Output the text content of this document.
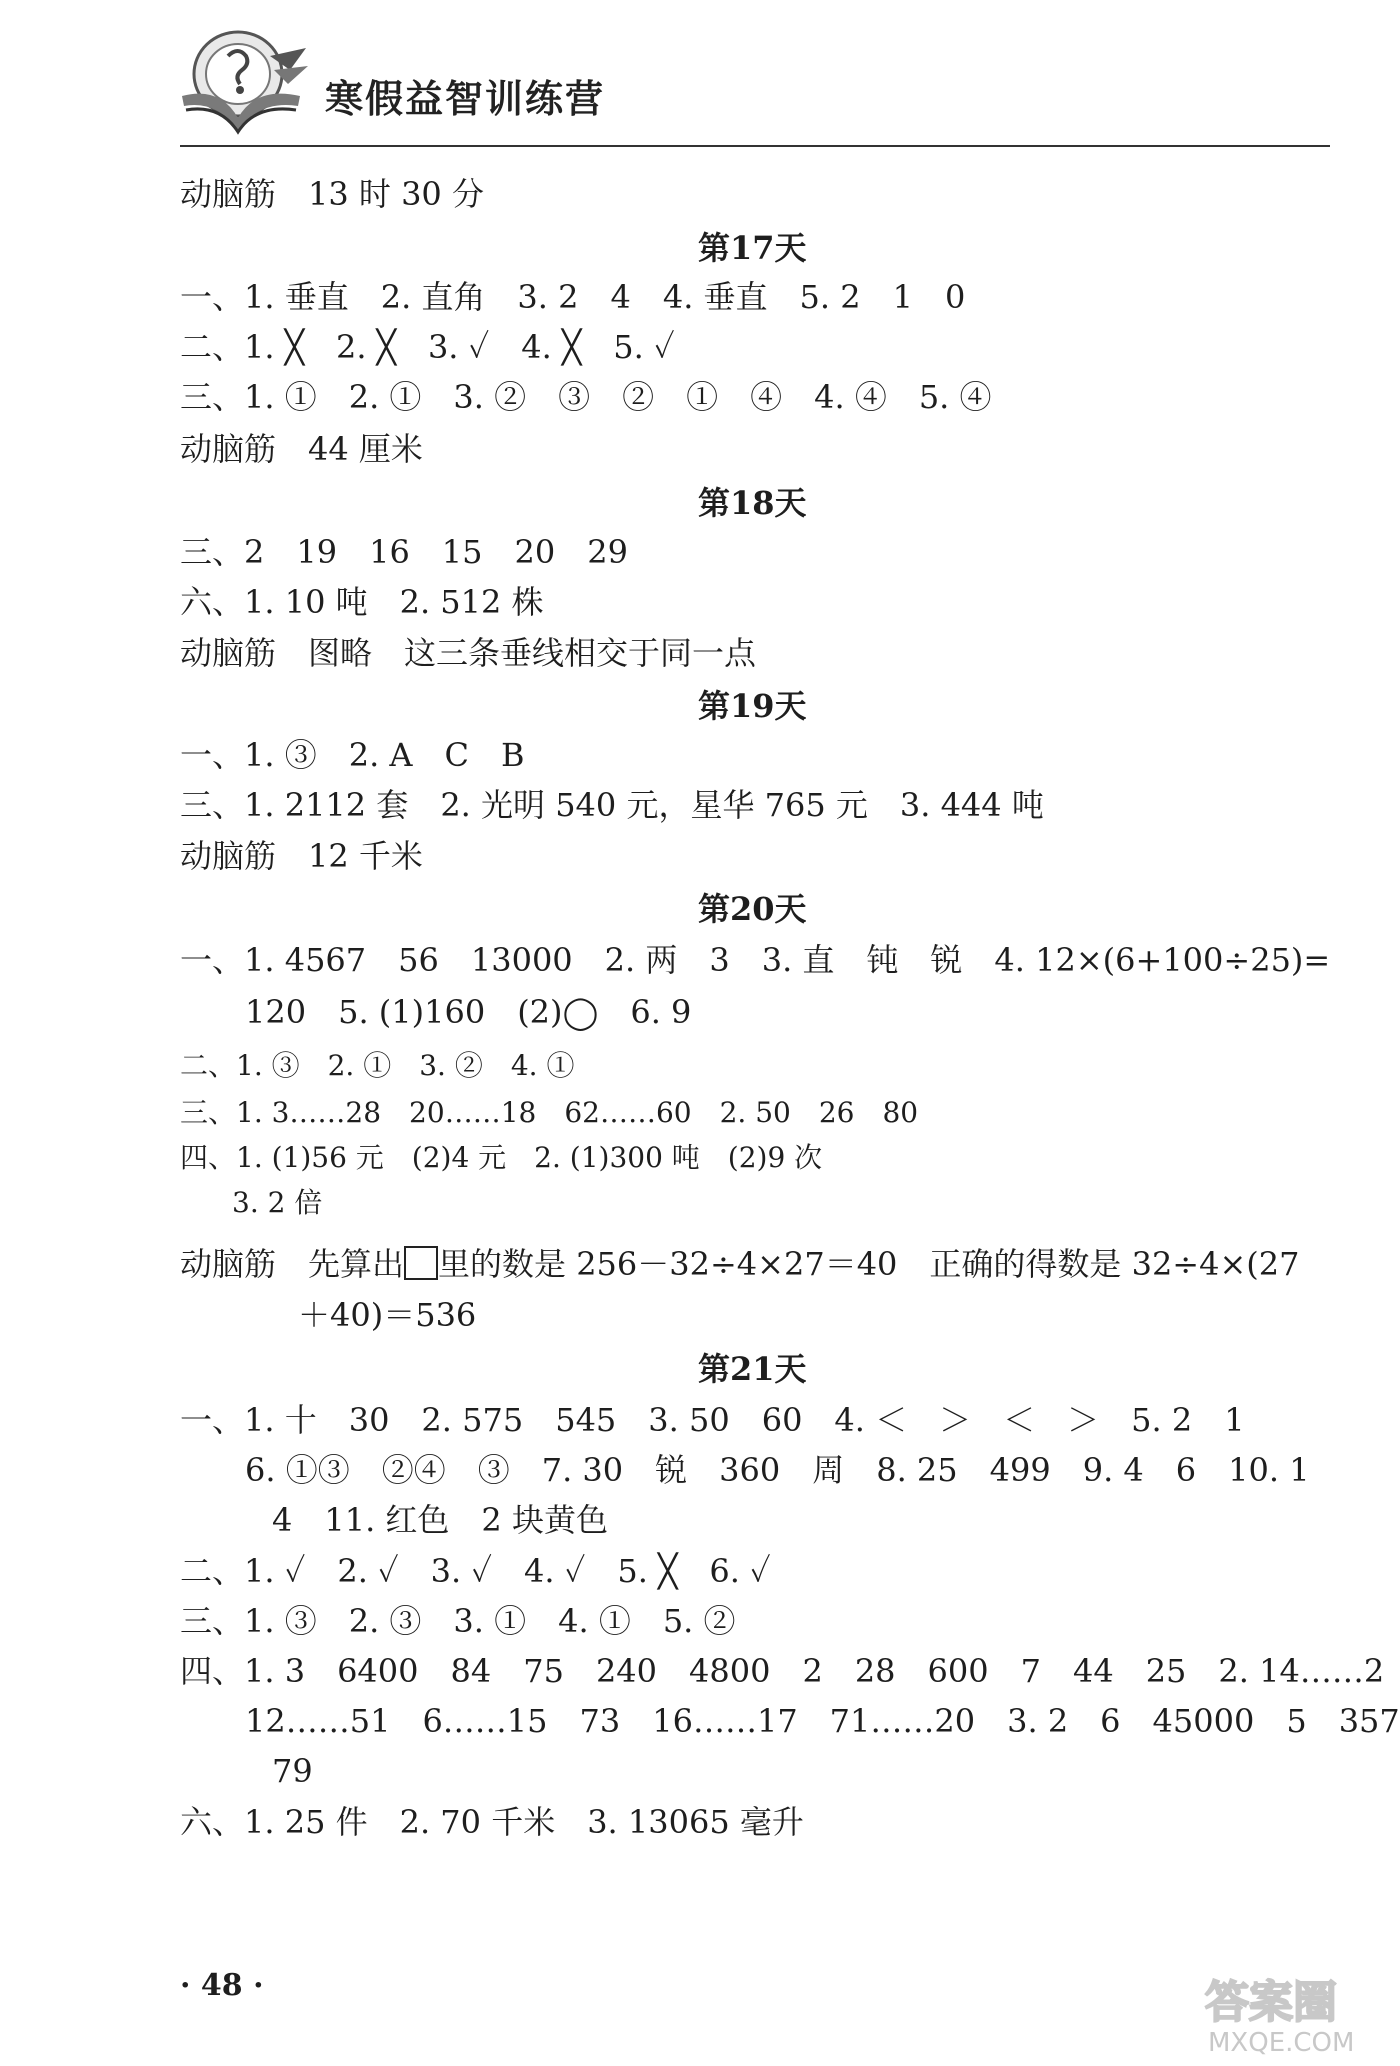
寒假益智训练营
动脑筋　13 时 30 分
第17天
一、1. 垂直　2. 直角　3. 2　4　4. 垂直　5. 2　1　0
二、1. ╳　2. ╳　3. ✓　4. ╳　5. ✓
三、1. ①　2. ①　3. ②　③　②　①　④　4. ④　5. ④
动脑筋　44 厘米
第18天
三、2　19　16　15　20　29
六、1. 10 吨　2. 512 株
动脑筋　图略　这三条垂线相交于同一点
第19天
一、1. ③　2. A　C　B
三、1. 2112 套　2. 光明 540 元，星华 765 元　3. 444 吨
动脑筋　12 千米
第20天
一、1. 4567　56　13000　2. 两　3　3. 直　钝　锐　4. 12×(6+100÷25)=
120　5. (1)160　(2)◯　6. 9
二、1. ③　2. ①　3. ②　4. ①
三、1. 3……28　20……18　62……60　2. 50　26　80
四、1. (1)56 元　(2)4 元　2. (1)300 吨　(2)9 次
3. 2 倍
动脑筋　先算出 里的数是 256－32÷4×27＝40　正确的得数是 32÷4×(27
＋40)＝536
第21天
一、1. 十　30　2. 575　545　3. 50　60　4. ＜　＞　＜　＞　5. 2　1
6. ①③　②④　③　7. 30　锐　360　周　8. 25　499　9. 4　6　10. 1
4　11. 红色　2 块黄色
二、1. ✓　2. ✓　3. ✓　4. ✓　5. ╳　6. ✓
三、1. ③　2. ③　3. ①　4. ①　5. ②
四、1. 3　6400　84　75　240　4800　2　28　600　7　44　25　2. 14……2
12……51　6……15　73　16……17　71……20　3. 2　6　45000　5　357
79
六、1. 25 件　2. 70 千米　3. 13065 毫升
· 48 ·	答案圈
MXQE.COM
